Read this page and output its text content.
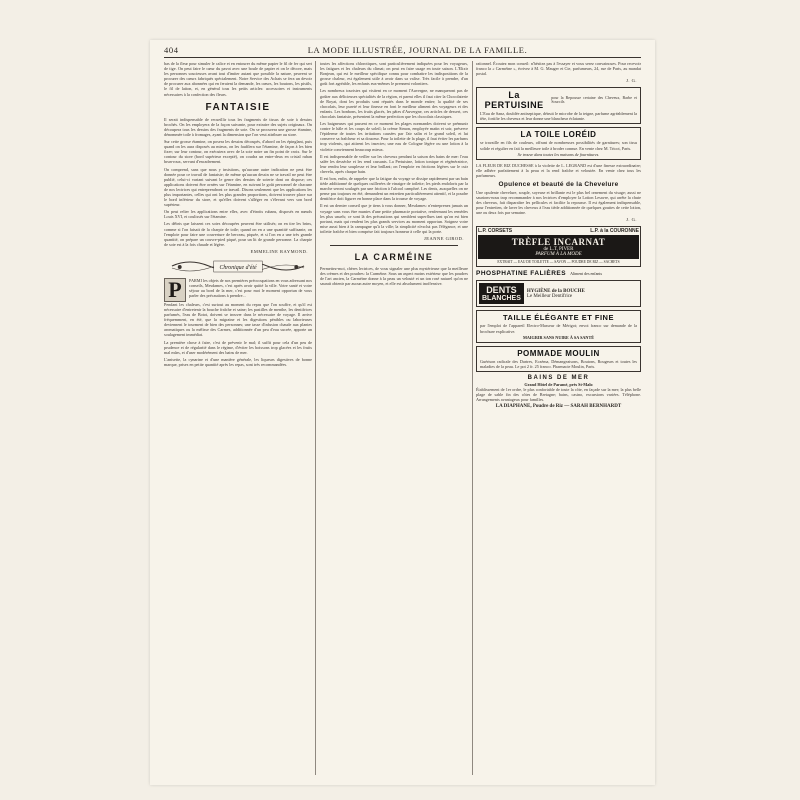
404	LA MODE ILLUSTRÉE, JOURNAL DE LA FAMILLE.

bas de la fleur pour simuler le calice et en entourer du même papier le fil de fer qui sert de tige. On peut faire le cœur du pavot avec une boule de papier et on le décore, mais les personnes soucieuses avant tout d'imiter autant que possible la nature, peuvent se procurer des cœurs fabriqués spécialement. Notre Service des Achats se fera un devoir de procurer aux abonnées qui en feraient la demande, les cœurs, les boutons, les pistils, le fil de laiton, et, en général tous les petits articles: accessoires et instruments nécessaires à la confection des fleurs.

FANTAISIE

Il serait indispensable de recueillir tous les fragments de tissus de soie à dessins brochés. On les employera de la façon suivante, pour extraire des sujets originaux. On découpera tous les dessins des fragments de soie. On se procurera une grosse étamine, dénommée toile à fromages, ayant la dimension que l'on veut attribuer au store.

Sur cette grosse étamine, on posera les dessins découpés, d'abord on les épinglant, puis quand on les aura disposés au mieux, on les faufilera sur l'étamine, de façon à les bien fixer; sur leur contour, on exécutera avec de la soie noire un fin point de croix. Sur le contour du store (bord supérieur excepté), on coudra un entre-deux en cristal ruban brun-roux, servant d'encadrement.

On comprend, sans que nous y insistions, qu'aucune autre indication ne peut être donnée pour ce travail de fantaisie; de même qu'aucun dessin ne se travail ne peut être publié, celui-ci variant suivant le genre des dessins de soierie dont on dispose; ces applications doivent être ornées sur l'étamine, en suivant le goût personnel de chacune de nos lectrices qui entreprendront ce travail. Disons seulement que les applications les plus importantes, celles qui ont les plus grandes proportions, doivent trouver place sur le bord inférieur du store, et qu'elles doivent s'alléger en s'élevant vers son bord supérieur.

On peut relier les applications entre elles, avec d'étroits rubans, disposés en nœuds Louis XVI, et coulissés sur l'étamine.

Les débris que laissent ces soies découpées peuvent être utilisés; on en tire les brins, comme si l'on faisait de la charpie de toile; quand on en a une quantité suffisante, on l'emploie pour faire une couverture de berceau, piquée, et si l'on en a une très grande quantité, on prépare un couvre-pied piqué, pour un lit de grande personne. La charpie de soie est à la fois chaude et légère.

EMMELINE RAYMOND.
Chronique d'été
P	PARMI les objets de nos premières préoccupations en vous adressant nos conseils, Mesdames, c'est après avoir quitté la ville. Votre santé et votre séjour au bord de la mer, c'est pour moi le moment opportun de vous parler des précautions à prendre...

Pendant les chaleurs, c'est surtout au moment du repas que l'on souffre, et qu'il est nécessaire d'entretenir la bouche fraîche et saine; les pastilles de menthe, les dentifrices parfumés, l'eau de Botot, doivent se trouver dans le nécessaire de voyage. Il arrive fréquemment, en été, que la migraine et les digestions pénibles ou laborieuses deviennent le tourment de bien des personnes; une tasse d'infusion chaude aux plantes aromatiques ou la mélisse des Carmes, additionnée d'un peu d'eau sucrée, apporte un soulagement immédiat.

La première chose à faire, c'est de prévenir le mal; il suffit pour cela d'un peu de prudence et de régularité dans le régime, d'éviter les boissons trop glacées et les fruits mal mûrs, et d'user modérément des bains de mer.

L'anisette, la cynarine et d'une manière générale, les liqueurs digestives de bonne marque, prises en petite quantité après les repas, sont très recommandées.

toutes les affections chlorotiques, sont particulièrement indiquées pour les voyageurs, les fatigues et les chaleurs du climat; on peut en faire usage en toute saison. L'Elixir Bonjean, qui est le meilleur spécifique connu pour combattre les indispositions de la grosse chaleur, est également utile à avoir dans sa valise. Très facile à prendre, d'un goût fort agréable, les enfants eux-mêmes le prennent volontiers.

Les nombreux touristes qui visitent en ce moment l'Auvergne, ne manqueront pas de goûter aux délicieuses spécialités de la région, et parmi elles il faut citer la Chocolaterie de Royat, dont les produits sont réputés dans le monde entier; la qualité de ses chocolats, leur pureté et leur finesse en font le meilleur aliment des voyageurs et des enfants. Les bonbons, les fruits glacés, les pâtes d'Auvergne, ces articles de dessert, ces chocolats fantaisie, présentent la même perfection que les chocolats classiques.

Les baigneuses qui passent en ce moment les plages normandes doivent se prémunir contre le hâle et les coups de soleil; la crème Simon, employée matin et soir, préserve l'épiderme de toutes les irritations causées par l'air salin et le grand soleil, et lui conserve sa fraîcheur et sa douceur. Pour la toilette de la plage, il faut éviter les parfums trop violents, qui attirent les insectes; une eau de Cologne légère ou une lotion à la violette conviennent beaucoup mieux.

Il est indispensable de veiller sur les cheveux pendant la saison des bains de mer: l'eau salée les dessèche et les rend cassants. La Pertuisine, lotion tonique et régénératrice, leur rendra leur souplesse et leur brillant; on l'emploie en frictions légères sur le cuir chevelu, après chaque bain.

Il est bon, enfin, de rappeler que la fatigue du voyage se dissipe rapidement par un bain tiède additionné de quelques cuillerées de vinaigre de toilette; les pieds endoloris par la marche seront soulagés par une friction à l'alcool camphré. Les dents, auxquelles on ne pense pas toujours en été, demandent un entretien particulièrement attentif, et la poudre dentifrice doit figurer en bonne place dans la trousse de voyage.

Il est un dernier conseil que je tiens à vous donner, Mesdames: n'entreprenez jamais un voyage sans vous être munies d'une petite pharmacie portative, renfermant les remèdes les plus usuels; ce sont là des précautions qui semblent superflues tant qu'on est bien portant, mais qui rendent les plus grands services au moment opportun. Soignez votre mise aussi bien à la campagne qu'à la ville; la simplicité n'exclut pas l'élégance, et une toilette fraîche et bien comprise fait toujours honneur à celle qui la porte.

JEANNE GIROD.
LA CARMÉINE

Permettez-moi, chères lectrices, de vous signaler une plus mystérieuse que la meilleure des crèmes et des poudres: la Carméine. Sous un aspect moins extérieur que les poudres de l'art ancien, la Carméine donne à la peau un velouté et un ton rosé naturel qu'on ne saurait obtenir par aucun autre moyen, et elle est absolument inoffensive.

rationnel. Écoutez mon conseil: n'hésitez pas à l'essayer et vous serez convaincues. Pour recevoir franco la « Carméine », écrivez à M. G. Mauger et Cie, parfumeurs, 24, rue de Paris, au mandat postal.

J. G.
La PERTUISINE
pour la Repousse certaine des Cheveux, Barbe et Sourcils

L'Eau de Sanz, doublée antiseptique, détruit le microbe de la teigne, parfume agréablement la tête, fortifie les cheveux et leur donne une blancheur éclatante.

LA TOILE LORÉID

se travaille en fils de couleurs, offrant de nombreuses possibilités de garnitures; son tissu solide et régulier en fait la meilleure toile à broder connue. En vente chez M. Tricot, Paris.

Se trouve dans toutes les maisons de fournitures.

LA FLEUR DE RIZ DUCHESSE à la violette de L. LEGRAND est d'une finesse extraordinaire; elle adhère parfaitement à la peau et la rend fraîche et veloutée. En vente chez tous les parfumeurs.

Opulence et beauté de la Chevelure

Une opulente chevelure, souple, soyeuse et brillante est le plus bel ornement du visage; aussi ne saurions-nous trop recommander à nos lectrices d'employer la Lotion Lesavre, qui arrête la chute des cheveux, fait disparaître les pellicules et facilite la repousse. Il est également indispensable, pour l'entretien, de laver les cheveux à l'eau tiède additionnée de quelques gouttes de cette lotion, une ou deux fois par semaine.

J. G.
L.P. CORSETS	L.P. à la COURONNE
TRÈFLE INCARNAT
de L.T. PIVER
PARFUM À LA MODE
EXTRAIT — EAU DE TOILETTE — SAVON — POUDRE DE RIZ — SACHETS
PHOSPHATINE FALIÈRES Aliment des enfants
DENTS
BLANCHES
HYGIÈNE de la BOUCHE
Le Meilleur Dentifrice
TAILLE ÉLÉGANTE ET FINE

par l'emploi de l'appareil Electro-Masseur de Mérigot; envoi franco sur demande de la brochure explicative.

MAIGRIR SANS NUIRE À SA SANTÉ
POMMADE MOULIN

Guérison radicale des Dartres, Eczéma, Démangeaisons, Boutons, Rougeurs et toutes les maladies de la peau. Le pot 2 fr. 25 franco. Pharmacie Moulin, Paris.

BAINS DE MER
Grand Hôtel de Paramé, près St-Malo

Établissement de 1er ordre, le plus confortable de toute la côte, en façade sur la mer; la plus belle plage de sable fin des côtes de Bretagne; bains, casino, excursions variées. Téléphone. Arrangements avantageux pour familles.

LA DIAPHANE, Poudre de Riz — SARAH BERNHARDT
